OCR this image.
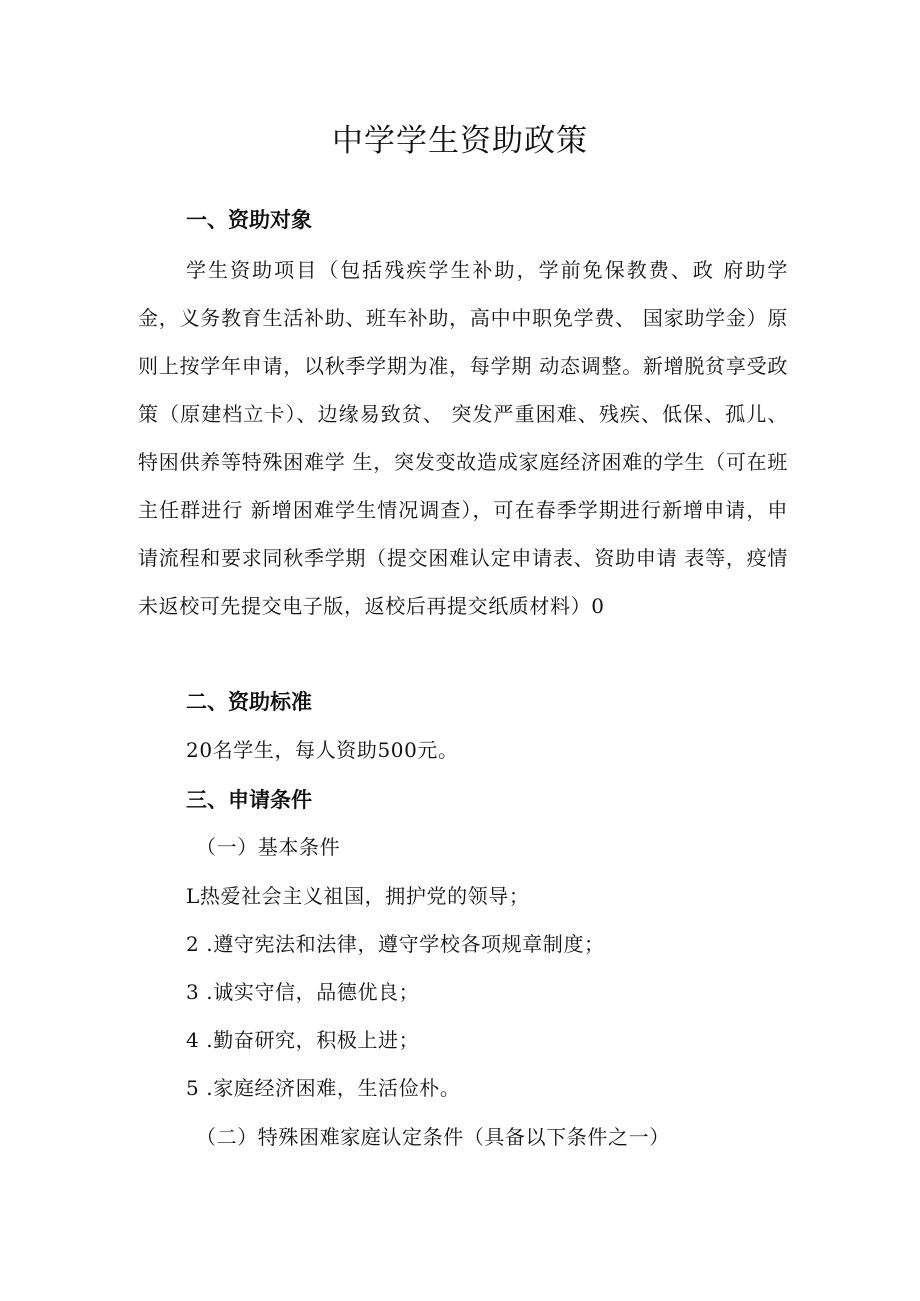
中学学生资助政策
一、资助对象

学生资助项目（包括残疾学生补助，学前免保教费、政 府助学金，义务教育生活补助、班车补助，高中中职免学费、 国家助学金）原则上按学年申请，以秋季学期为准，每学期 动态调整。新增脱贫享受政策（原建档立卡）、边缘易致贫、 突发严重困难、残疾、低保、孤儿、特困供养等特殊困难学 生，突发变故造成家庭经济困难的学生（可在班主任群进行 新增困难学生情况调查），可在春季学期进行新增申请，申 请流程和要求同秋季学期（提交困难认定申请表、资助申请 表等，疫情未返校可先提交电子版，返校后再提交纸质材料）0

二、资助标准

20名学生，每人资助500元。

三、申请条件

（一）基本条件

L热爱社会主义祖国，拥护党的领导；

2 .遵守宪法和法律，遵守学校各项规章制度；

3 .诚实守信，品德优良；

4 .勤奋研究，积极上进；

5 .家庭经济困难，生活俭朴。

（二）特殊困难家庭认定条件（具备以下条件之一）
